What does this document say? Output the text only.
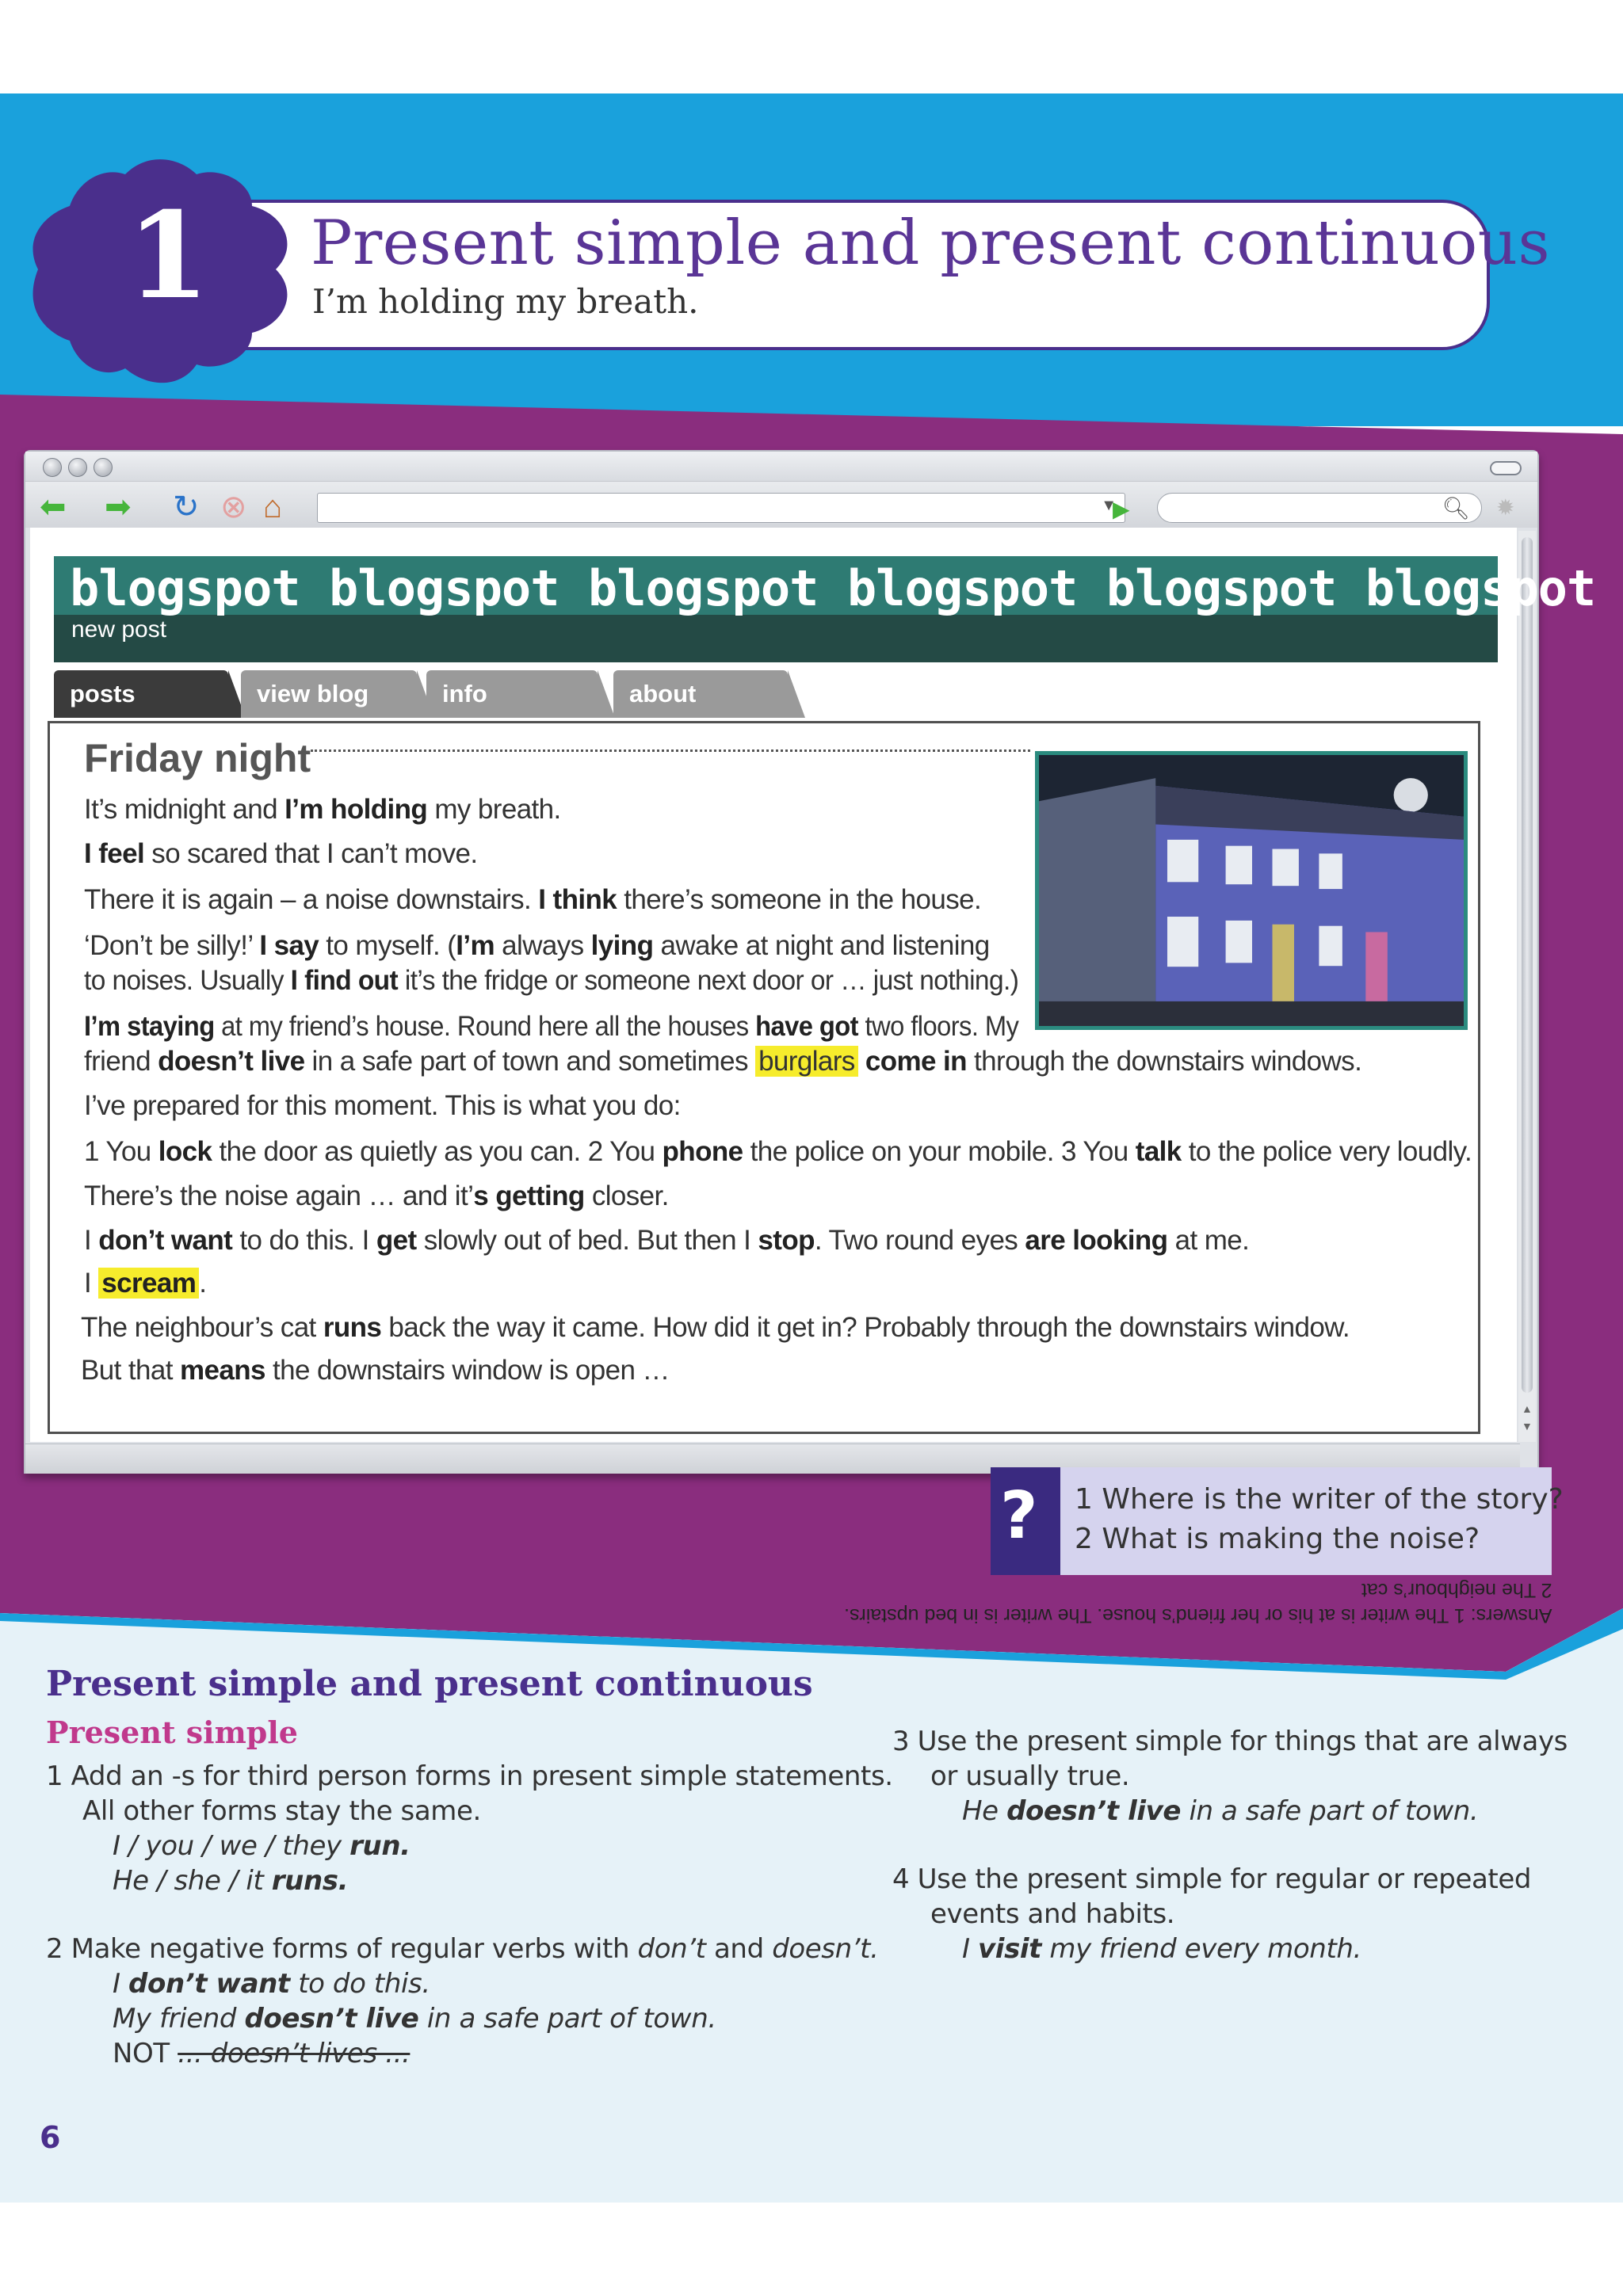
1 Present simple and present continuous
I’m holding my breath.
⬅ ➡ ↻ ⊗ ⌂	▼
▶	🔍︎ ✹
▲
▼
blogspot blogspot blogspot blogspot blogspot blogspot
new post
posts	view blog	info	about
Friday night
It’s midnight and I’m holding my breath.
I feel so scared that I can’t move.
There it is again – a noise downstairs. I think there’s someone in the house.
‘Don’t be silly!’ I say to myself. (I’m always lying awake at night and listening
to noises. Usually I find out it’s the fridge or someone next door or … just nothing.)
I’m staying at my friend’s house. Round here all the houses have got two floors. My
friend doesn’t live in a safe part of town and sometimes burglars come in through the downstairs windows.
I’ve prepared for this moment. This is what you do:
1 You lock the door as quietly as you can. 2 You phone the police on your mobile. 3 You talk to the police very loudly.
There’s the noise again … and it’s getting closer.
I don’t want to do this. I get slowly out of bed. But then I stop. Two round eyes are looking at me.
I scream .
The neighbour’s cat runs back the way it came. How did it get in? Probably through the downstairs window.
But that means the downstairs window is open …
? 1 Where is the writer of the story?
2 What is making the noise?
2 The neighbour’s cat
Answers: 1 The writer is at his or her friend’s house. The writer is in bed upstairs.
Present simple and present continuous
Present simple
1 Add an -s for third person forms in present simple statements.
All other forms stay the same.
I / you / we / they run.
He / she / it runs.
2 Make negative forms of regular verbs with don’t and doesn’t.
I don’t want to do this.
My friend doesn’t live in a safe part of town.
NOT ... doesn’t lives ...
3 Use the present simple for things that are always
or usually true.
He doesn’t live in a safe part of town.
4 Use the present simple for regular or repeated
events and habits.
I visit my friend every month.
6
